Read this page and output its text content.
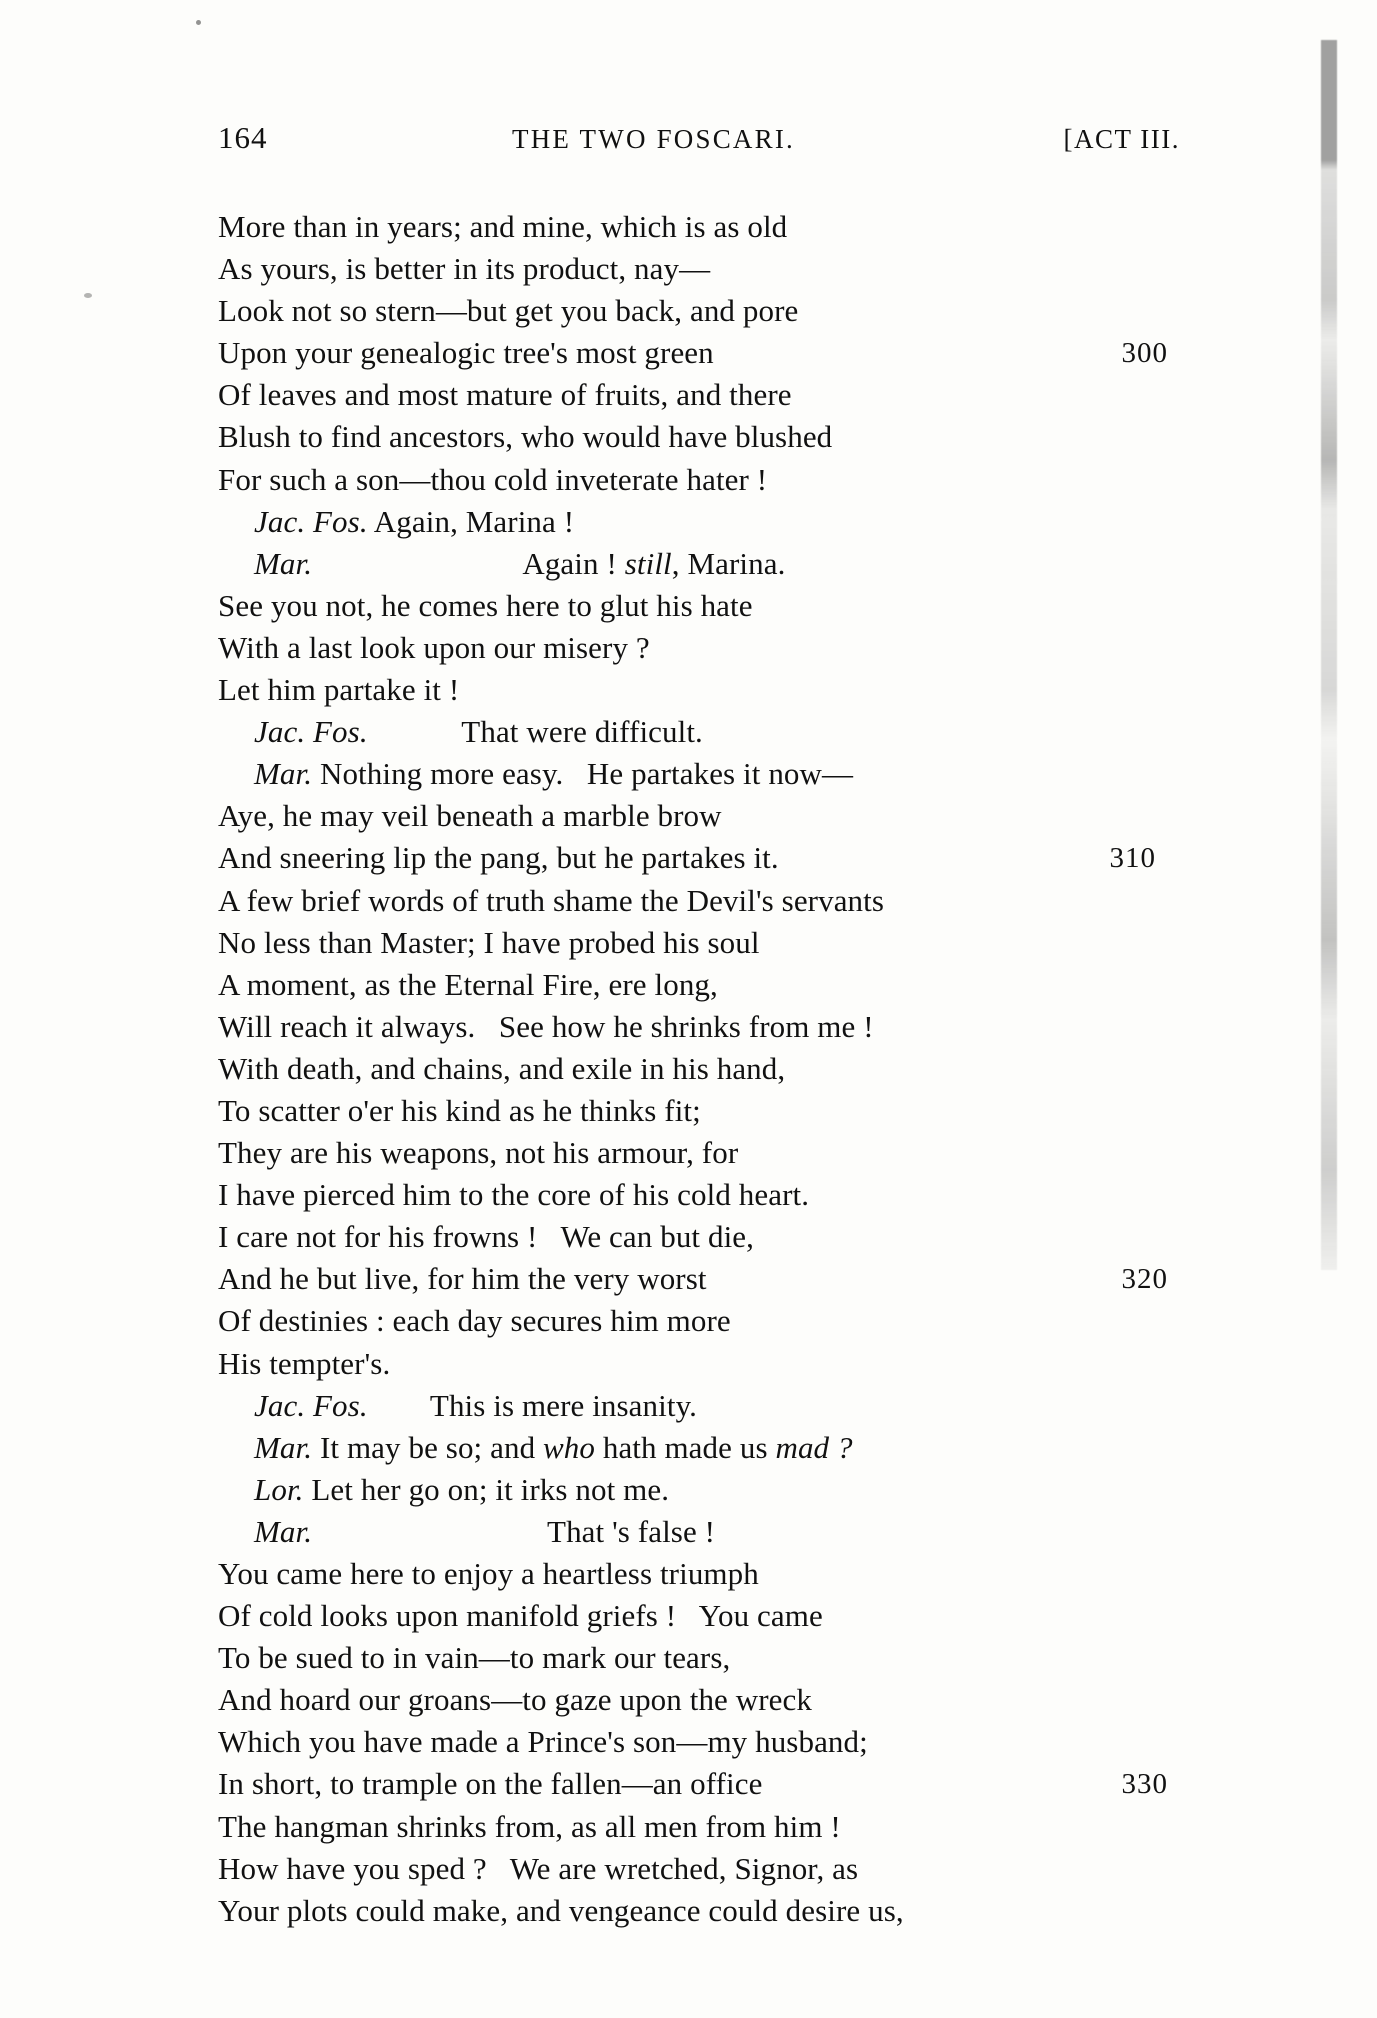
164	THE TWO FOSCARI.	[ACT III.
More than in years; and mine, which is as old
As yours, is better in its product, nay—
Look not so stern—but get you back, and pore
Upon your genealogic tree's most green	300
Of leaves and most mature of fruits, and there
Blush to find ancestors, who would have blushed
For such a son—thou cold inveterate hater !
Jac. Fos. Again, Marina !
Mar.                           Again ! still, Marina.
See you not, he comes here to glut his hate
With a last look upon our misery ?
Let him partake it !
Jac. Fos.            That were difficult.
Mar. Nothing more easy.   He partakes it now—
Aye, he may veil beneath a marble brow
And sneering lip the pang, but he partakes it.	310
A few brief words of truth shame the Devil's servants
No less than Master; I have probed his soul
A moment, as the Eternal Fire, ere long,
Will reach it always.   See how he shrinks from me !
With death, and chains, and exile in his hand,
To scatter o'er his kind as he thinks fit;
They are his weapons, not his armour, for
I have pierced him to the core of his cold heart.
I care not for his frowns !   We can but die,
And he but live, for him the very worst	320
Of destinies : each day secures him more
His tempter's.
Jac. Fos.        This is mere insanity.
Mar. It may be so; and who hath made us mad ?
Lor. Let her go on; it irks not me.
Mar.                              That 's false !
You came here to enjoy a heartless triumph
Of cold looks upon manifold griefs !   You came
To be sued to in vain—to mark our tears,
And hoard our groans—to gaze upon the wreck
Which you have made a Prince's son—my husband;
In short, to trample on the fallen—an office	330
The hangman shrinks from, as all men from him !
How have you sped ?   We are wretched, Signor, as
Your plots could make, and vengeance could desire us,
